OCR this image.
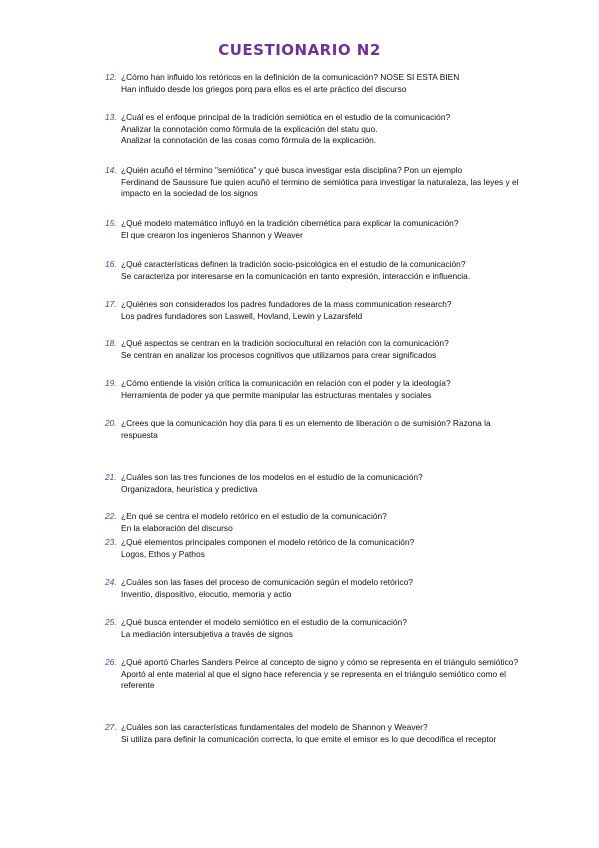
CUESTIONARIO N2
12. ¿Cómo han influido los retóricos en la definición de la comunicación? NOSE SI ESTA BIEN
Han influido desde los griegos porq para ellos es el arte práctico del discurso
13. ¿Cuál es el enfoque principal de la tradición semiótica en el estudio de la comunicación?
Analizar la connotación como fórmula de la explicación del statu quo.
Analizar la connotación de las cosas como fórmula de la explicación.
14. ¿Quién acuñó el término "semiótica" y qué busca investigar esta disciplina? Pon un ejemplo
Ferdinand de Saussure fue quien acuñó el termino de semiótica para investigar la naturaleza, las leyes y el impacto en la sociedad de los signos
15. ¿Qué modelo matemático influyó en la tradición cibernética para explicar la comunicación?
El que crearon los ingenieros Shannon y Weaver
16. ¿Qué características definen la tradición socio-psicológica en el estudio de la comunicación?
Se caracteriza por interesarse en la comunicación en tanto expresión, interacción e influencia.
17. ¿Quiénes son considerados los padres fundadores de la mass communication research?
Los padres fundadores son Laswell, Hovland, Lewin y Lazarsfeld
18. ¿Qué aspectos se centran en la tradición sociocultural en relación con la comunicación?
Se centran en analizar los procesos cognitivos que utilizamos para crear significados
19. ¿Cómo entiende la visión crítica la comunicación en relación con el poder y la ideología?
Herramienta de poder ya que permite manipular las estructuras mentales y sociales
20. ¿Crees que la comunicación hoy día para ti es un elemento de liberación o de sumisión? Razona la respuesta
21. ¿Cuáles son las tres funciones de los modelos en el estudio de la comunicación?
Organizadora, heurística y predictiva
22. ¿En qué se centra el modelo retórico en el estudio de la comunicación?
En la elaboración del discurso
23. ¿Qué elementos principales componen el modelo retórico de la comunicación?
Logos, Ethos y Pathos
24. ¿Cuáles son las fases del proceso de comunicación según el modelo retórico?
Inventio, dispositivo, elocutio, memoria y actio
25. ¿Qué busca entender el modelo semiótico en el estudio de la comunicación?
La mediación intersubjetiva a través de signos
26. ¿Qué aportó Charles Sanders Peirce al concepto de signo y cómo se representa en el triángulo semiótico?
Aportó al ente material al que el signo hace referencia y se representa en el triángulo semiótico como el referente
27. ¿Cuáles son las características fundamentales del modelo de Shannon y Weaver?
Si utiliza para definir la comunicación correcta, lo que emite el emisor es lo que decodifica el receptor
